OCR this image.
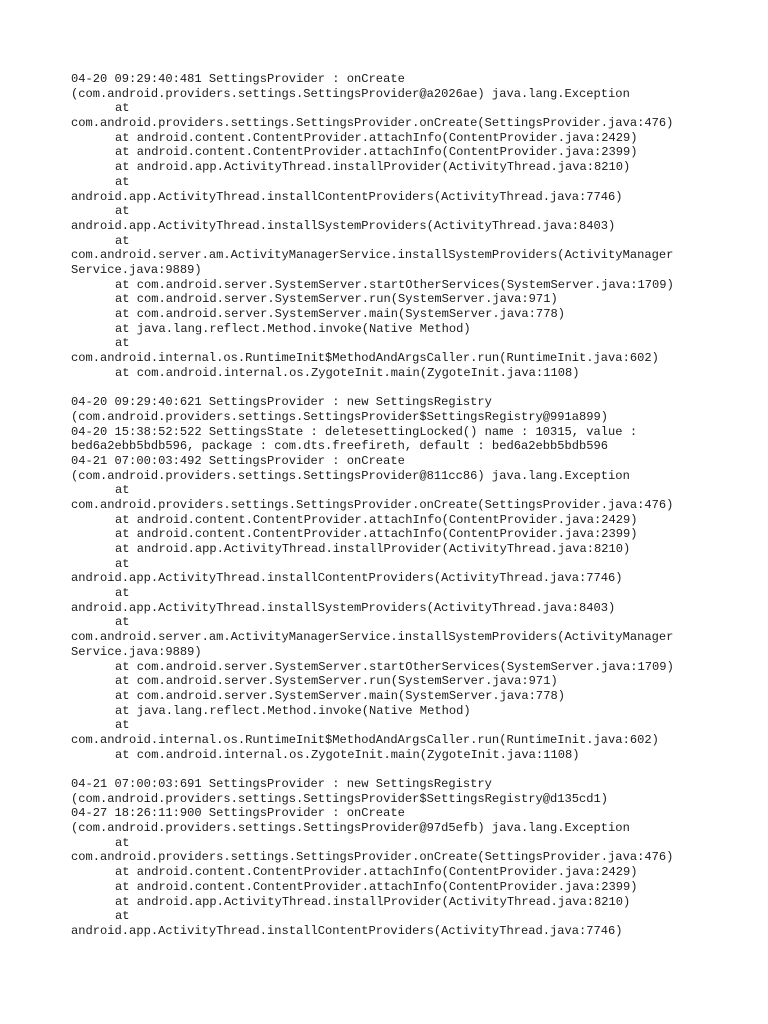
04-20 09:29:40:481 SettingsProvider : onCreate
(com.android.providers.settings.SettingsProvider@a2026ae) java.lang.Exception
at
com.android.providers.settings.SettingsProvider.onCreate(SettingsProvider.java:476)
at android.content.ContentProvider.attachInfo(ContentProvider.java:2429)
at android.content.ContentProvider.attachInfo(ContentProvider.java:2399)
at android.app.ActivityThread.installProvider(ActivityThread.java:8210)
at
android.app.ActivityThread.installContentProviders(ActivityThread.java:7746)
at
android.app.ActivityThread.installSystemProviders(ActivityThread.java:8403)
at
com.android.server.am.ActivityManagerService.installSystemProviders(ActivityManager
Service.java:9889)
at com.android.server.SystemServer.startOtherServices(SystemServer.java:1709)
at com.android.server.SystemServer.run(SystemServer.java:971)
at com.android.server.SystemServer.main(SystemServer.java:778)
at java.lang.reflect.Method.invoke(Native Method)
at
com.android.internal.os.RuntimeInit$MethodAndArgsCaller.run(RuntimeInit.java:602)
at com.android.internal.os.ZygoteInit.main(ZygoteInit.java:1108)
04-20 09:29:40:621 SettingsProvider : new SettingsRegistry
(com.android.providers.settings.SettingsProvider$SettingsRegistry@991a899)
04-20 15:38:52:522 SettingsState : deletesettingLocked() name : 10315, value :
bed6a2ebb5bdb596, package : com.dts.freefireth, default : bed6a2ebb5bdb596
04-21 07:00:03:492 SettingsProvider : onCreate
(com.android.providers.settings.SettingsProvider@811cc86) java.lang.Exception
at
com.android.providers.settings.SettingsProvider.onCreate(SettingsProvider.java:476)
at android.content.ContentProvider.attachInfo(ContentProvider.java:2429)
at android.content.ContentProvider.attachInfo(ContentProvider.java:2399)
at android.app.ActivityThread.installProvider(ActivityThread.java:8210)
at
android.app.ActivityThread.installContentProviders(ActivityThread.java:7746)
at
android.app.ActivityThread.installSystemProviders(ActivityThread.java:8403)
at
com.android.server.am.ActivityManagerService.installSystemProviders(ActivityManager
Service.java:9889)
at com.android.server.SystemServer.startOtherServices(SystemServer.java:1709)
at com.android.server.SystemServer.run(SystemServer.java:971)
at com.android.server.SystemServer.main(SystemServer.java:778)
at java.lang.reflect.Method.invoke(Native Method)
at
com.android.internal.os.RuntimeInit$MethodAndArgsCaller.run(RuntimeInit.java:602)
at com.android.internal.os.ZygoteInit.main(ZygoteInit.java:1108)
04-21 07:00:03:691 SettingsProvider : new SettingsRegistry
(com.android.providers.settings.SettingsProvider$SettingsRegistry@d135cd1)
04-27 18:26:11:900 SettingsProvider : onCreate
(com.android.providers.settings.SettingsProvider@97d5efb) java.lang.Exception
at
com.android.providers.settings.SettingsProvider.onCreate(SettingsProvider.java:476)
at android.content.ContentProvider.attachInfo(ContentProvider.java:2429)
at android.content.ContentProvider.attachInfo(ContentProvider.java:2399)
at android.app.ActivityThread.installProvider(ActivityThread.java:8210)
at
android.app.ActivityThread.installContentProviders(ActivityThread.java:7746)
